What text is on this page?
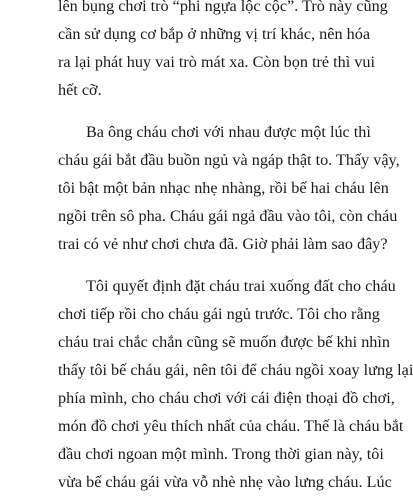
lên bụng chơi trò “phi ngựa lộc cộc”. Trò này cũng
cần sử dụng cơ bắp ở những vị trí khác, nên hóa
ra lại phát huy vai trò mát xa. Còn bọn trẻ thì vui
hết cỡ.
Ba ông cháu chơi với nhau được một lúc thì
cháu gái bắt đầu buồn ngủ và ngáp thật to. Thấy vậy,
tôi bật một bản nhạc nhẹ nhàng, rồi bế hai cháu lên
ngồi trên sô pha. Cháu gái ngả đầu vào tôi, còn cháu
trai có vẻ như chơi chưa đã. Giờ phải làm sao đây?
Tôi quyết định đặt cháu trai xuống đất cho cháu
chơi tiếp rồi cho cháu gái ngủ trước. Tôi cho rằng
cháu trai chắc chắn cũng sẽ muốn được bế khi nhìn
thấy tôi bế cháu gái, nên tôi để cháu ngồi xoay lưng lại
phía mình, cho cháu chơi với cái điện thoại đồ chơi,
món đồ chơi yêu thích nhất của cháu. Thế là cháu bắt
đầu chơi ngoan một mình. Trong thời gian này, tôi
vừa bế cháu gái vừa vỗ nhè nhẹ vào lưng cháu. Lúc
